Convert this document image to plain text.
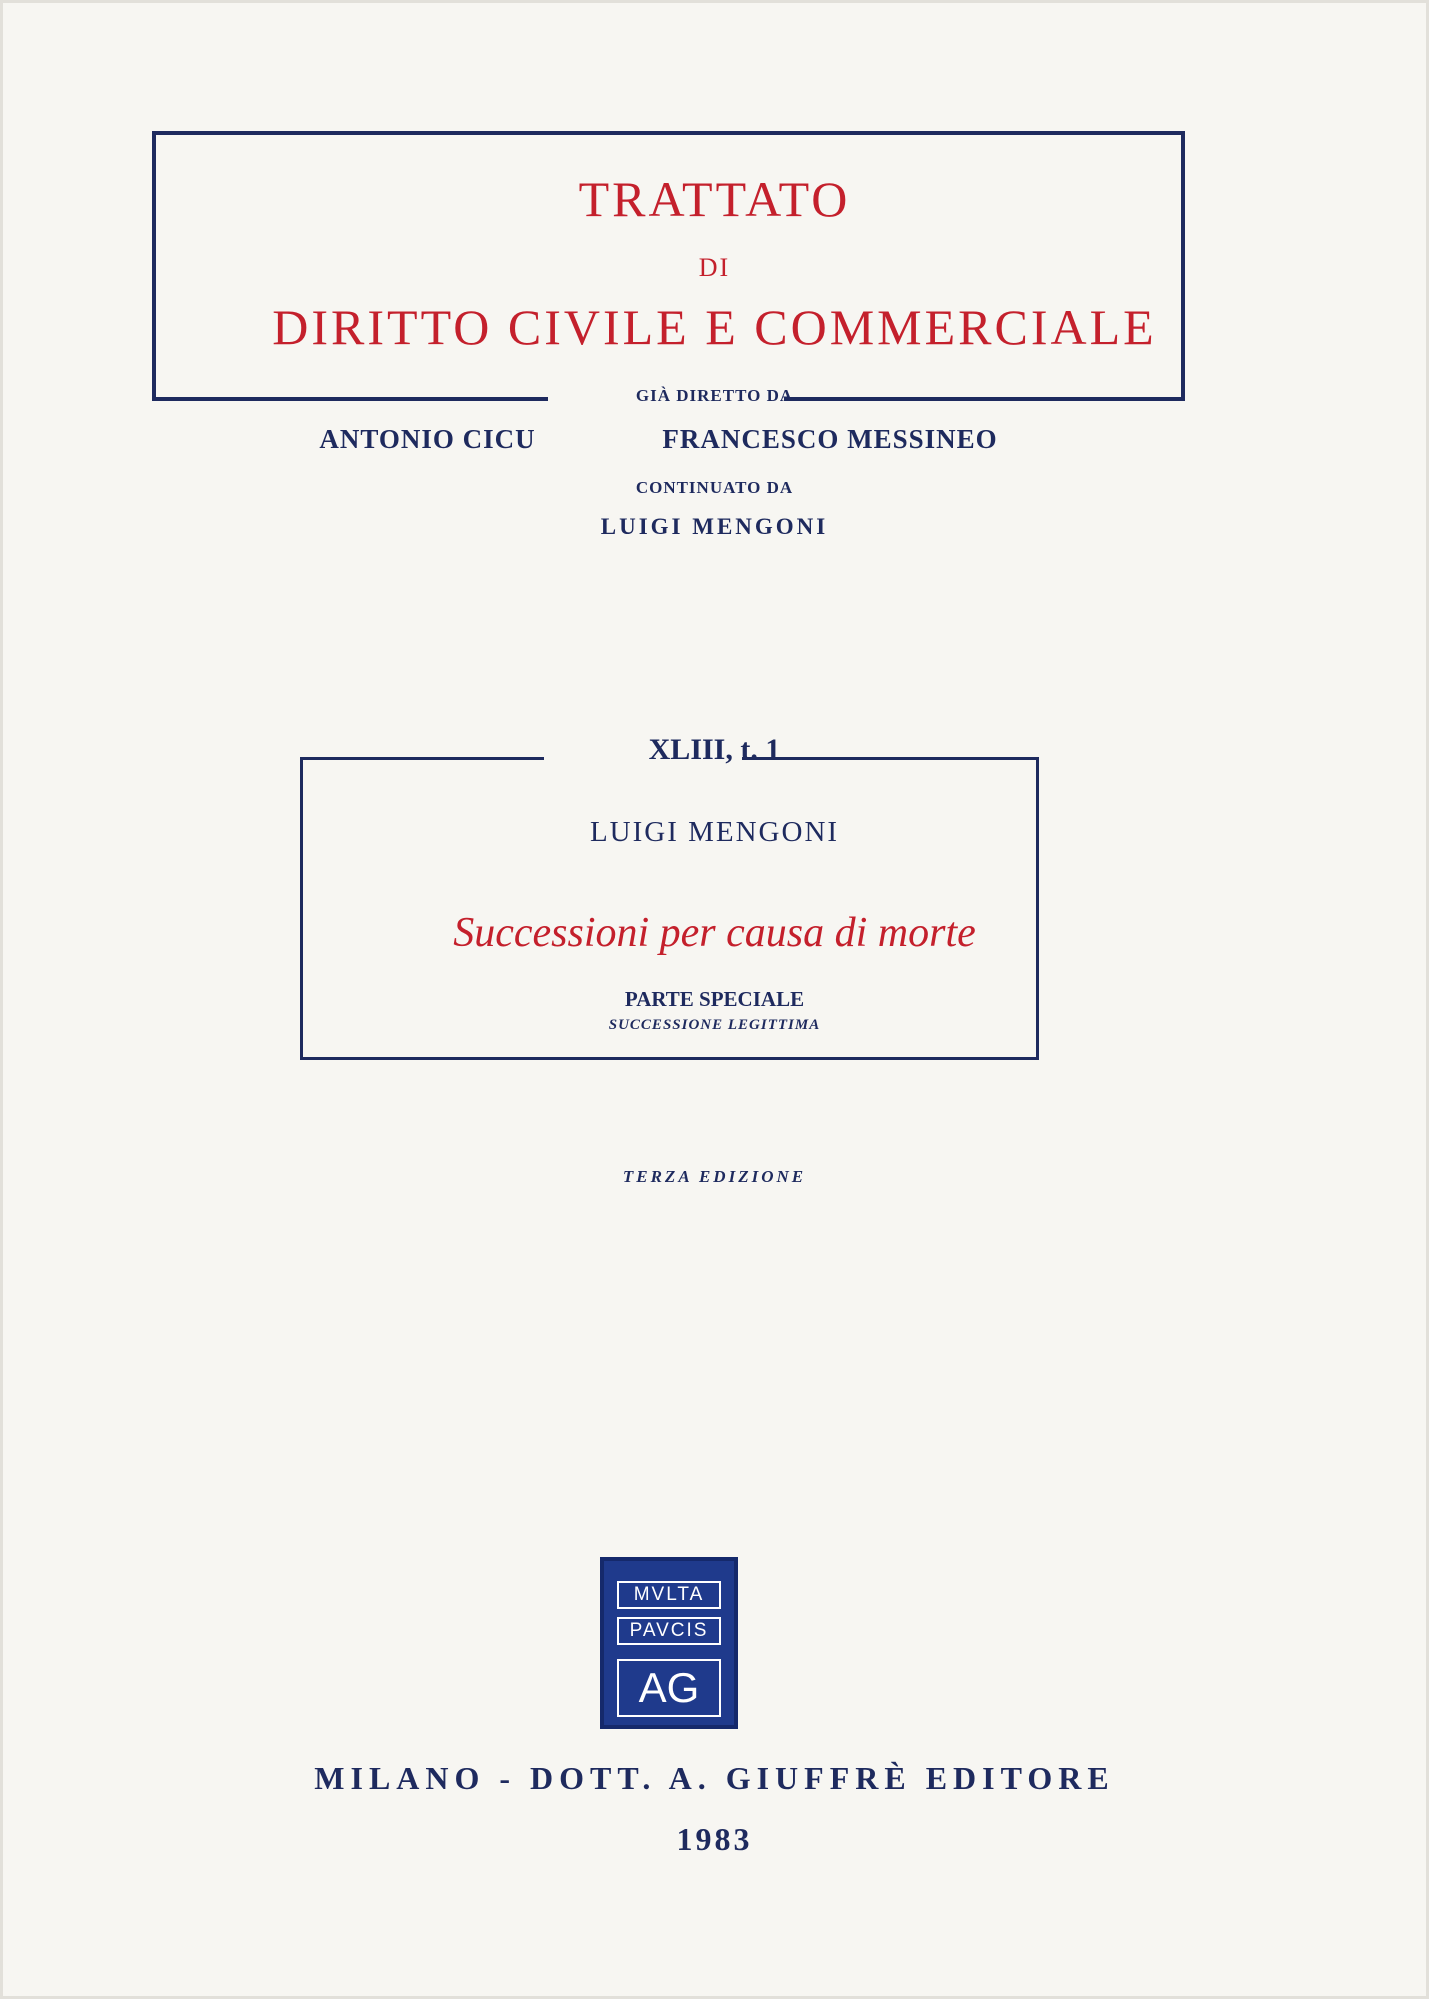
TRATTATO
DI
DIRITTO CIVILE E COMMERCIALE
GIÀ DIRETTO DA
ANTONIO CICU	FRANCESCO MESSINEO
CONTINUATO DA
LUIGI MENGONI
XLIII, t. 1
LUIGI MENGONI
Successioni per causa di morte
PARTE SPECIALE
SUCCESSIONE LEGITTIMA
TERZA EDIZIONE
MVLTA
PAVCIS
AG
MILANO - DOTT. A. GIUFFRÈ EDITORE
1983
